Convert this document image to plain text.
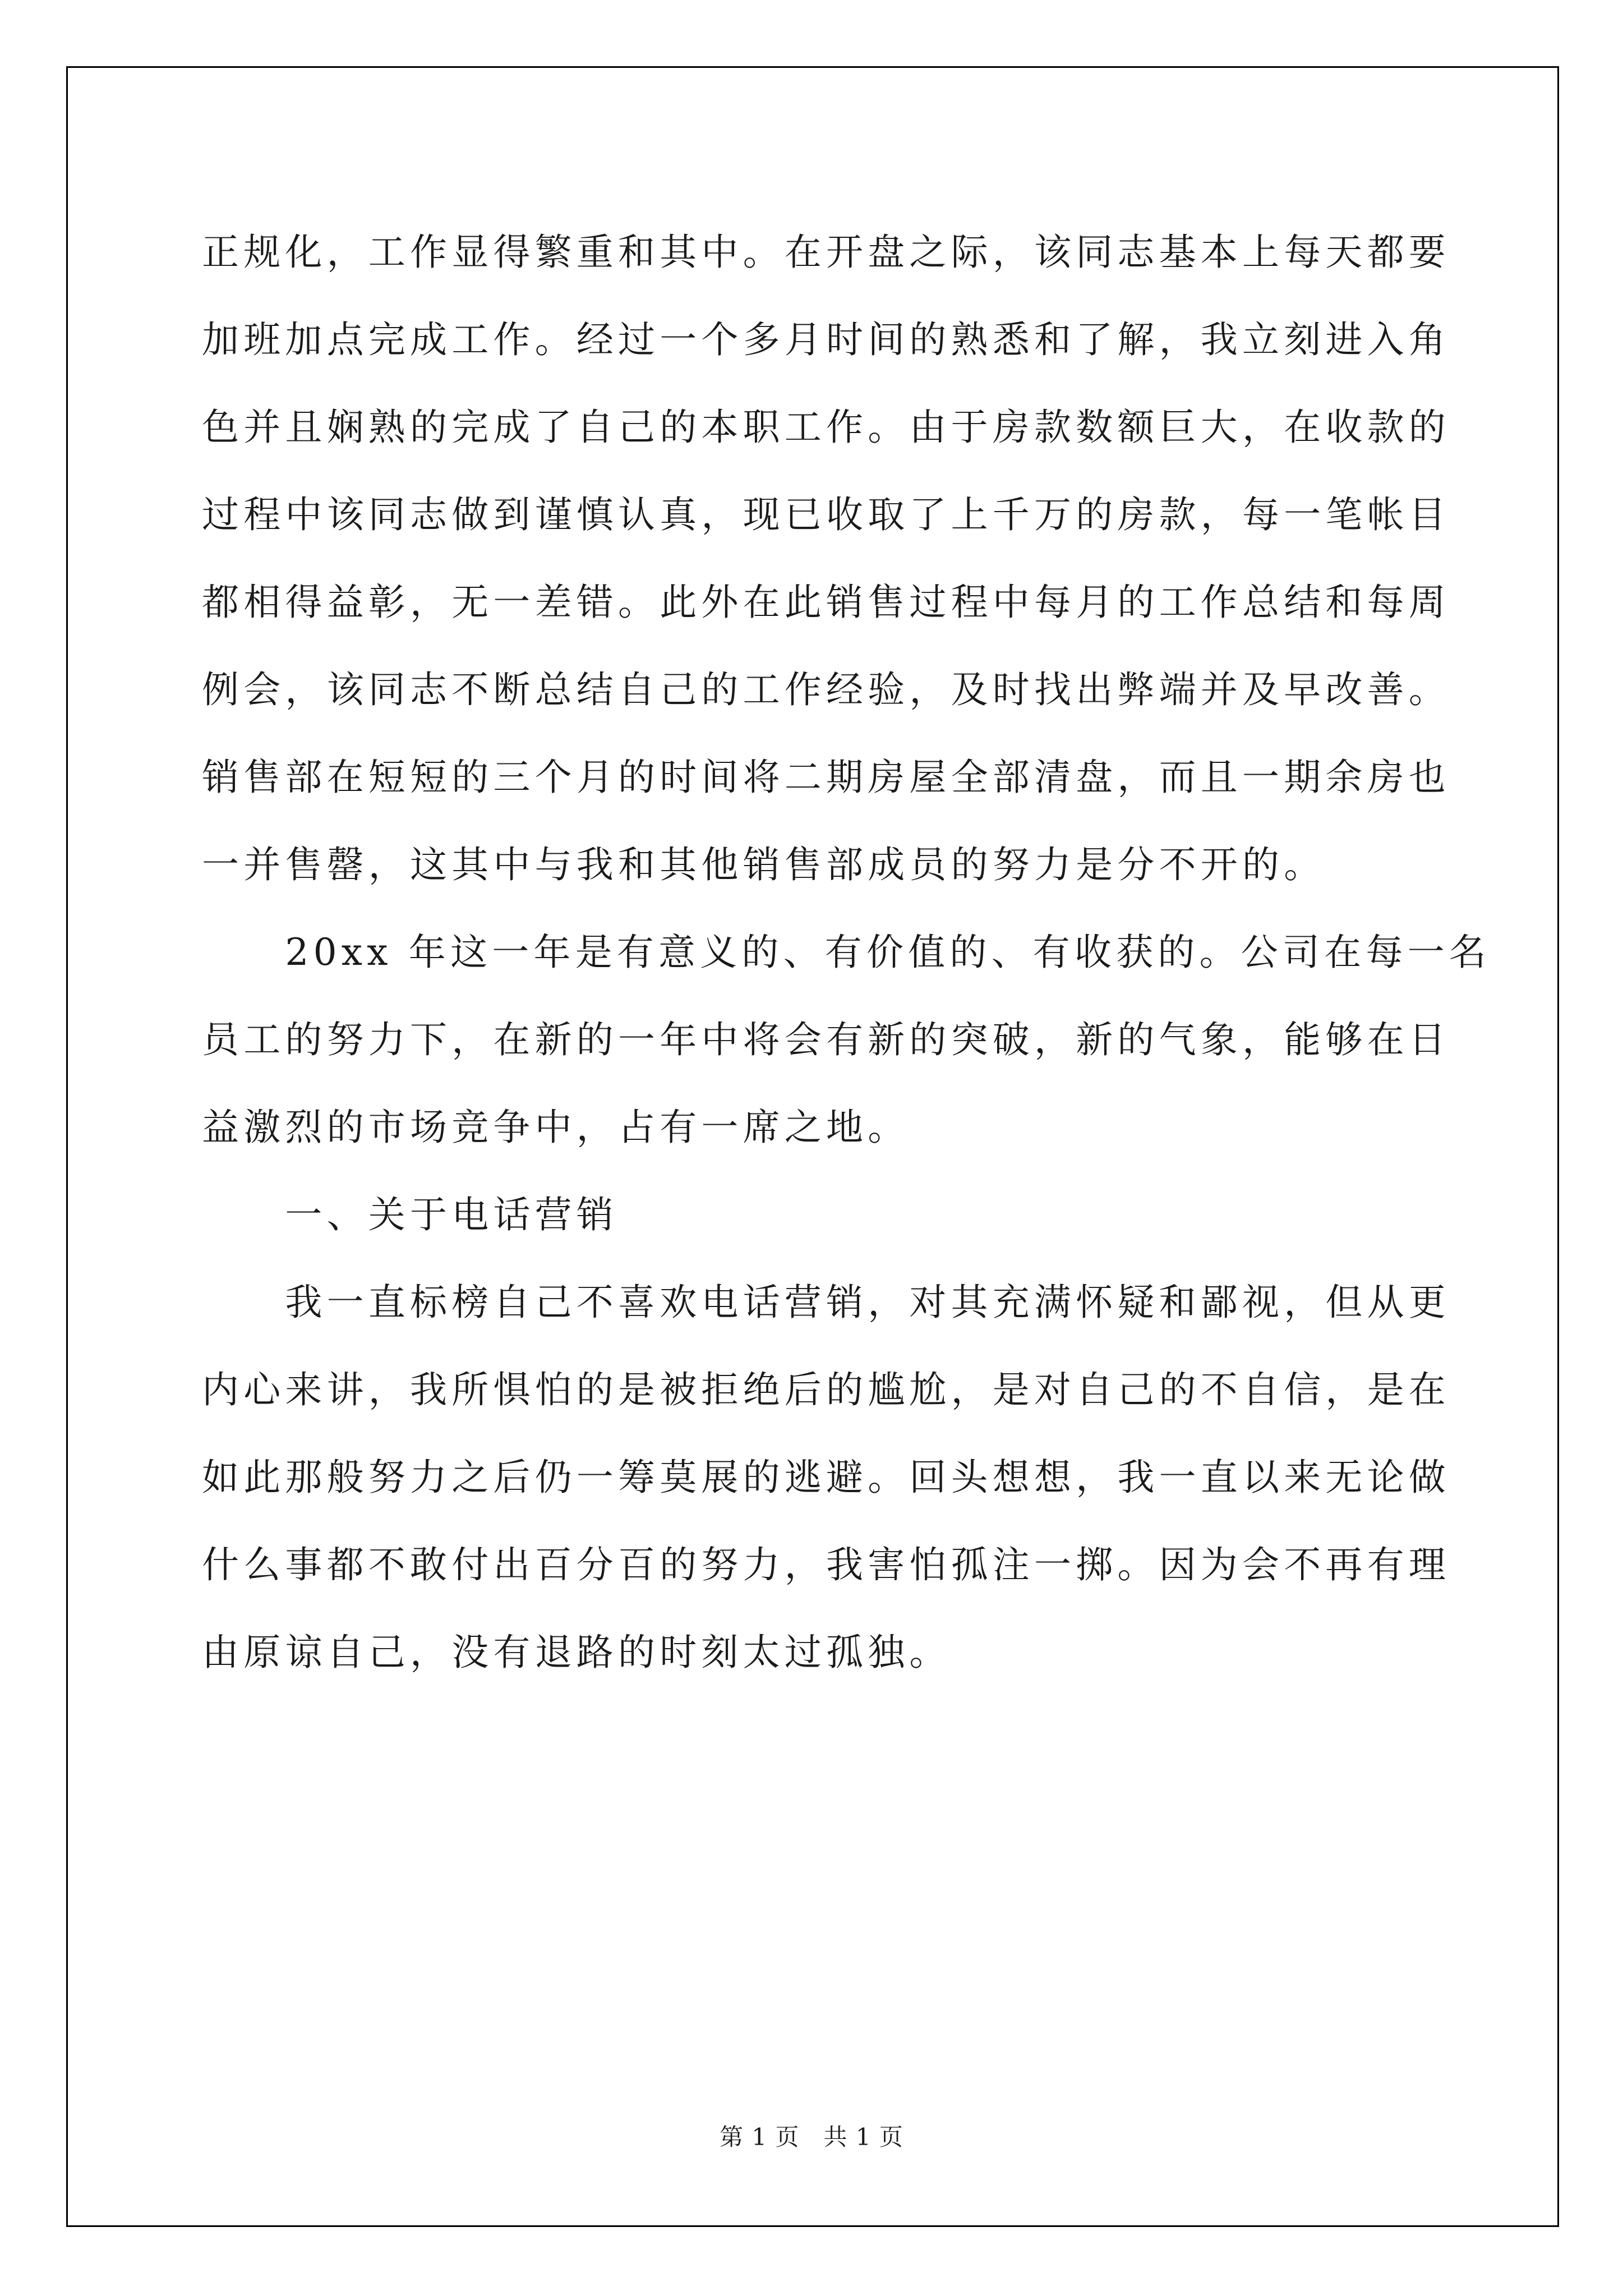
正规化，工作显得繁重和其中。在开盘之际，该同志基本上每天都要
加班加点完成工作。经过一个多月时间的熟悉和了解，我立刻进入角
色并且娴熟的完成了自己的本职工作。由于房款数额巨大，在收款的
过程中该同志做到谨慎认真，现已收取了上千万的房款，每一笔帐目
都相得益彰，无一差错。此外在此销售过程中每月的工作总结和每周
例会，该同志不断总结自己的工作经验，及时找出弊端并及早改善。
销售部在短短的三个月的时间将二期房屋全部清盘，而且一期余房也
一并售罄，这其中与我和其他销售部成员的努力是分不开的。
　　20xx 年这一年是有意义的、有价值的、有收获的。公司在每一名
员工的努力下，在新的一年中将会有新的突破，新的气象，能够在日
益激烈的市场竞争中，占有一席之地。
　　一、关于电话营销
　　我一直标榜自己不喜欢电话营销，对其充满怀疑和鄙视，但从更
内心来讲，我所惧怕的是被拒绝后的尴尬，是对自己的不自信，是在
如此那般努力之后仍一筹莫展的逃避。回头想想，我一直以来无论做
什么事都不敢付出百分百的努力，我害怕孤注一掷。因为会不再有理
由原谅自己，没有退路的时刻太过孤独。
第 1 页　共 1 页
